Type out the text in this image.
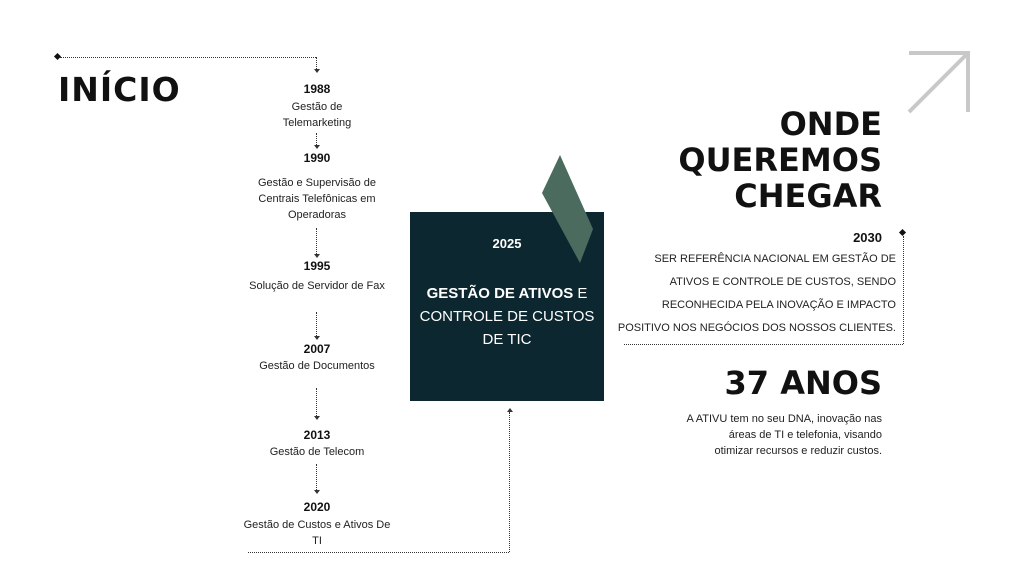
INÍCIO	1988
Gestão de Telemarketing
1990
Gestão e Supervisão de Centrais Telefônicas em Operadoras
1995
Solução de Servidor de Fax
2007
Gestão de Documentos
2013
Gestão de Telecom
2020
Gestão de Custos e Ativos De TI
2025
GESTÃO DE ATIVOS E CONTROLE DE CUSTOS DE TIC
ONDE
QUEREMOS
CHEGAR
2030
SER REFERÊNCIA NACIONAL EM GESTÃO DE
ATIVOS E CONTROLE DE CUSTOS, SENDO
RECONHECIDA PELA INOVAÇÃO E IMPACTO
POSITIVO NOS NEGÓCIOS DOS NOSSOS CLIENTES.
37 ANOS
A ATIVU tem no seu DNA, inovação nas
áreas de TI e telefonia, visando
otimizar recursos e reduzir custos.
